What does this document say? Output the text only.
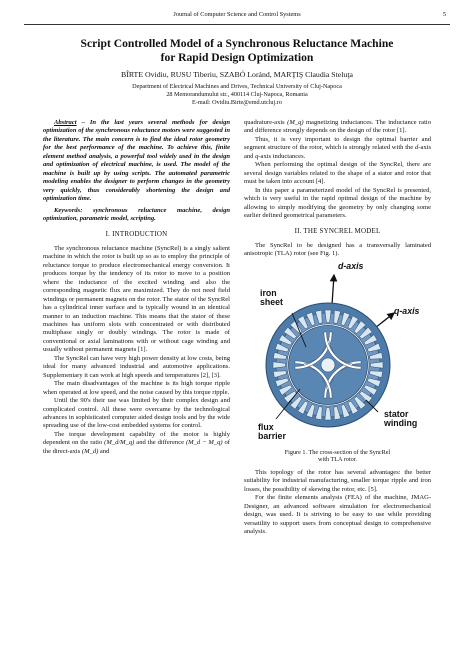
Journal of Computer Science and Control Systems	5
Script Controlled Model of a Synchronous Reluctance Machine
for Rapid Design Optimization
BÎRTE Ovidiu, RUSU Tiberiu, SZABÓ Loránd, MARŢIŞ Claudia Steluţa
Department of Electrical Machines and Drives, Technical University of Cluj-Napoca
28 Memorandumului str., 400114 Cluj-Napoca, Romania
E-mail: Ovidiu.Birte@emd.utcluj.ro

Abstract – In the last years several methods for design optimization of the synchronous reluctance motors were suggested in the literature. The main concern is to find the ideal rotor geometry for the best performance of the machine. To achieve this, finite element method analysis, a powerful tool widely used in the design and optimization of electrical machine, is used. The model of the machine is built up by using scripts. The automated parametric modeling enables the designer to perform changes in the geometry very quickly, thus considerably shortening the design and optimization time.

Keywords: synchronous reluctance machine, design optimization, parametric model, scripting.

I. INTRODUCTION

The synchronous reluctance machine (SyncRel) is a singly salient machine in which the rotor is built up so as to employ the principle of reluctance torque to produce electromechanical energy conversion. It produces torque by the tendency of its rotor to move to a position where the inductance of the excited winding and also the corresponding magnetic flux are maximized. They do not need field windings or permanent magnets on the rotor. The stator of the SyncRel has a cylindrical inner surface and is typically wound in an identical manner to an induction machine. This means that the stator of these machines has uniform slots with concentrated or with distributed multiphase singly or doubly windings. The rotor is made of conventional or axial laminations with or without cage winding and usually without permanent magnets [1].

The SyncRel can have very high power density at low costs, being ideal for many advanced industrial and automotive applications. Supplementary it can work at high speeds and temperatures [2], [3].

The main disadvantages of the machine is its high torque ripple when operated at low speed, and the noise caused by this torque ripple.

Until the 90's their use was limited by their complex design and complicated control. All these were overcame by the technological advances in sophisticated computer aided design tools and by the wide spreading use of the low-cost embedded systems for control.

The torque development capability of the motor is highly dependent on the ratio (M_d/M_q) and the difference (M_d − M_q) of the direct-axis (M_d) and

quadrature-axis (M_q) magnetizing inductances. The inductance ratio and difference strongly depends on the design of the rotor [1].

Thus, it is very important to design the optimal barrier and segment structure of the rotor, which is strongly related with the d-axis and q-axis inductances.

When performing the optimal design of the SyncRel, there are several design variables related to the shape of a stator and rotor that must be taken into account [4].

In this paper a parameterized model of the SyncRel is presented, which is very useful in the rapid optimal design of the machine by allowing to simply modifying the geometry by only changing some earlier defined geometrical parameters.

II. THE SYNCREL MODEL

The SyncRel to be designed has a transversally laminated anisotropic (TLA) rotor (see Fig. 1).

d-axis
q-axis
iron
sheet
stator
winding
flux
barrier
Figure 1. The cross-section of the SyncRel
with TLA rotor.

This topology of the rotor has several advantages: the better suitability for industrial manufacturing, smaller torque ripple and iron losses, the possibility of skewing the rotor, etc. [5].

For the finite elements analysis (FEA) of the machine, JMAG-Designer, an advanced software simulation for electromechanical design, was used. It is striving to be easy to use while providing versatility to support users from conceptual design to comprehensive analysis.
